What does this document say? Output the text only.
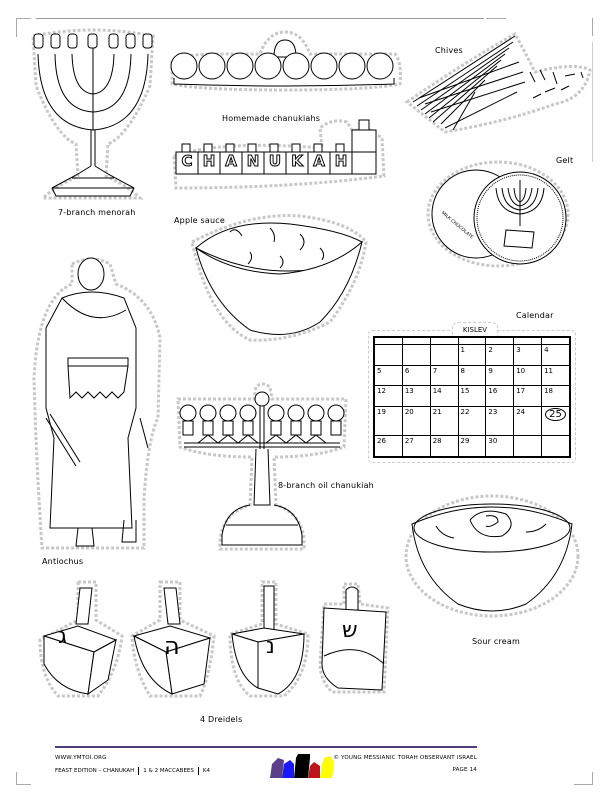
7-branch menorah
Homemade chanukiahs
C H A N U K A H
Chives
Gelt
MILK CHOCOLATE
Apple sauce
Calendar
KISLEV

			1	2	3	4
5	6	7	8	9	10	11
12	13	14	15	16	17	18
19	20	21	22	23	24	25
26	27	28	29	30		
Antiochus
8-branch oil chanukiah
Sour cream
ג	ה	נ
ש
4 Dreidels
WWW.YMTOI.ORG	© YOUNG MESSIANIC TORAH OBSERVANT ISRAEL
FEAST EDITION – CHANUKAH 1 & 2 MACCABEES K4	PAGE 14
